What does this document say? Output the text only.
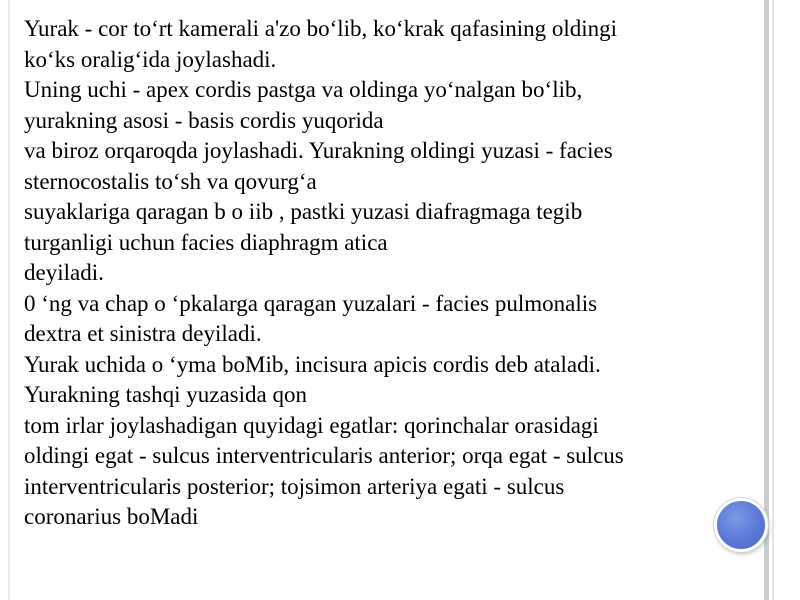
Yurak - cor to‘rt kamerali a'zo bo‘lib, ko‘krak qafasining oldingi
ko‘ks oralig‘ida joylashadi.
Uning uchi - apex cordis pastga va oldinga yo‘nalgan bo‘lib,
yurakning asosi - basis cordis yuqorida
va biroz orqaroqda joylashadi. Yurakning oldingi yuzasi - facies
sternocostalis to‘sh va qovurg‘a
suyaklariga qaragan b o iib , pastki yuzasi diafragmaga tegib
turganligi uchun facies diaphragm atica
deyiladi.
0 ‘ng va chap o ‘pkalarga qaragan yuzalari - facies pulmonalis
dextra et sinistra deyiladi.
Yurak uchida o ‘yma boMib, incisura apicis cordis deb ataladi.
Yurakning tashqi yuzasida qon
tom irlar joylashadigan quyidagi egatlar: qorinchalar orasidagi
oldingi egat - sulcus interventricularis anterior; orqa egat - sulcus
interventricularis posterior; tojsimon arteriya egati - sulcus
coronarius boMadi
